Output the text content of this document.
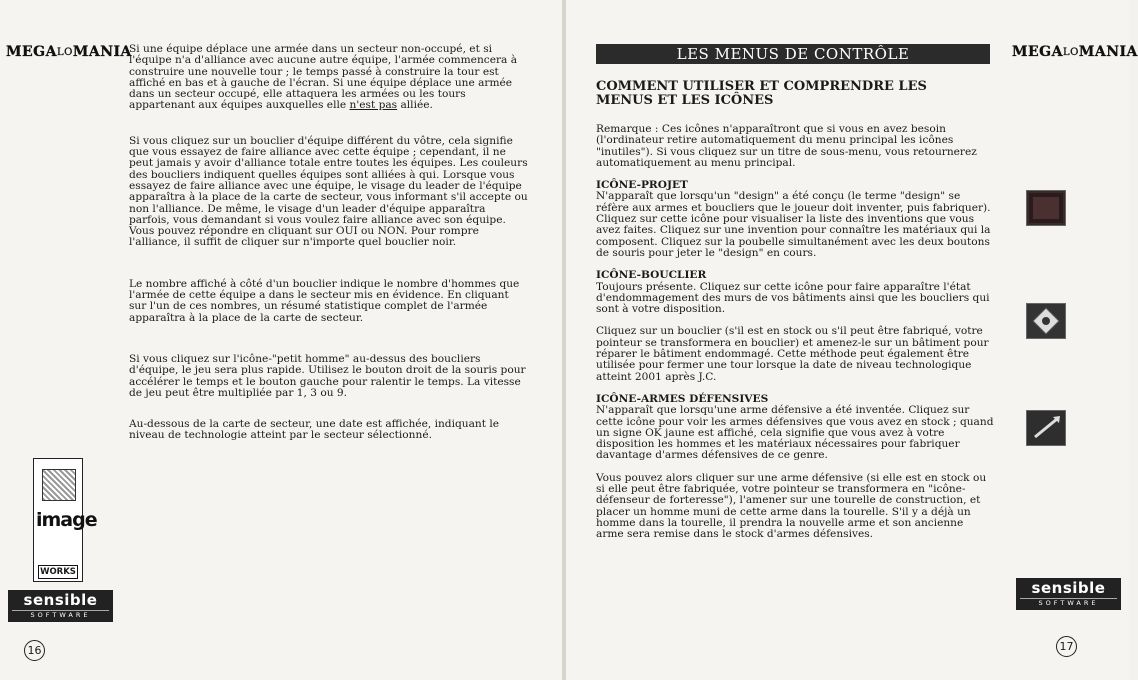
MEGALOMANIA

Si une équipe déplace une armée dans un secteur non-occupé, et si l'équipe n'a d'alliance avec aucune autre équipe, l'armée commencera à construire une nouvelle tour ; le temps passé à construire la tour est affiché en bas et à gauche de l'écran. Si une équipe déplace une armée dans un secteur occupé, elle attaquera les armées ou les tours appartenant aux équipes auxquelles elle n'est pas alliée.

Si vous cliquez sur un bouclier d'équipe différent du vôtre, cela signifie que vous essayez de faire alliance avec cette équipe ; cependant, il ne peut jamais y avoir d'alliance totale entre toutes les équipes. Les couleurs des boucliers indiquent quelles équipes sont alliées à qui. Lorsque vous essayez de faire alliance avec une équipe, le visage du leader de l'équipe apparaîtra à la place de la carte de secteur, vous informant s'il accepte ou non l'alliance. De même, le visage d'un leader d'équipe apparaîtra parfois, vous demandant si vous voulez faire alliance avec son équipe. Vous pouvez répondre en cliquant sur OUI ou NON. Pour rompre l'alliance, il suffit de cliquer sur n'importe quel bouclier noir.

Le nombre affiché à côté d'un bouclier indique le nombre d'hommes que l'armée de cette équipe a dans le secteur mis en évidence. En cliquant sur l'un de ces nombres, un résumé statistique complet de l'armée apparaîtra à la place de la carte de secteur.

Si vous cliquez sur l'icône-"petit homme" au-dessus des boucliers d'équipe, le jeu sera plus rapide. Utilisez le bouton droit de la souris pour accélérer le temps et le bouton gauche pour ralentir le temps. La vitesse de jeu peut être multipliée par 1, 3 ou 9.

Au-dessous de la carte de secteur, une date est affichée, indiquant le niveau de technologie atteint par le secteur sélectionné.

image
WORKS
sensible
SOFTWARE
16
LES MENUS DE CONTRÔLE	MEGALOMANIA
COMMENT UTILISER ET COMPRENDRE LES MENUS ET LES ICÔNES

Remarque : Ces icônes n'apparaîtront que si vous en avez besoin (l'ordinateur retire automatiquement du menu principal les icônes "inutiles"). Si vous cliquez sur un titre de sous-menu, vous retournerez automatiquement au menu principal.

ICÔNE-PROJET

N'apparaît que lorsqu'un "design" a été conçu (le terme "design" se réfère aux armes et boucliers que le joueur doit inventer, puis fabriquer). Cliquez sur cette icône pour visualiser la liste des inventions que vous avez faites. Cliquez sur une invention pour connaître les matériaux qui la composent. Cliquez sur la poubelle simultanément avec les deux boutons de souris pour jeter le "design" en cours.

ICÔNE-BOUCLIER

Toujours présente. Cliquez sur cette icône pour faire apparaître l'état d'endommagement des murs de vos bâtiments ainsi que les boucliers qui sont à votre disposition.

Cliquez sur un bouclier (s'il est en stock ou s'il peut être fabriqué, votre pointeur se transformera en bouclier) et amenez-le sur un bâtiment pour réparer le bâtiment endommagé. Cette méthode peut également être utilisée pour fermer une tour lorsque la date de niveau technologique atteint 2001 après J.C.

ICÔNE-ARMES DÉFENSIVES

N'apparaît que lorsqu'une arme défensive a été inventée. Cliquez sur cette icône pour voir les armes défensives que vous avez en stock ; quand un signe OK jaune est affiché, cela signifie que vous avez à votre disposition les hommes et les matériaux nécessaires pour fabriquer davantage d'armes défensives de ce genre.

Vous pouvez alors cliquer sur une arme défensive (si elle est en stock ou si elle peut être fabriquée, votre pointeur se transformera en "icône-défenseur de forteresse"), l'amener sur une tourelle de construction, et placer un homme muni de cette arme dans la tourelle. S'il y a déjà un homme dans la tourelle, il prendra la nouvelle arme et son ancienne arme sera remise dans le stock d'armes défensives.

sensible
SOFTWARE
17
